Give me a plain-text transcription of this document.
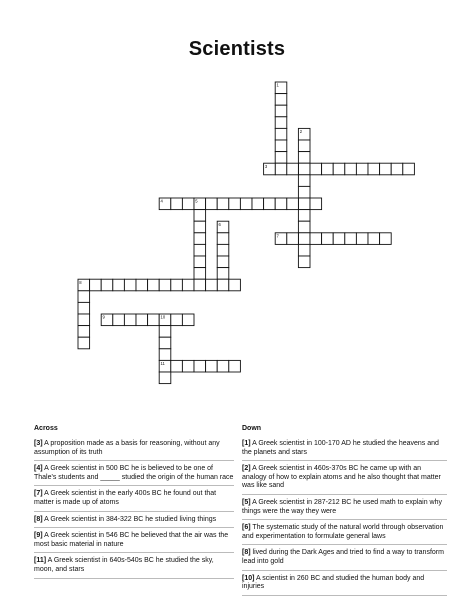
Scientists
1
2
3
4	5
6
7
8
9	10
11
Across	Down
[3] A proposition made as a basis for reasoning, without any assumption of its truth
[4] A Greek scientist in 500 BC he is believed to be one of Thale's students and _____ studied the origin of the human race
[7] A Greek scientist in the early 400s BC he found out that matter is made up of atoms
[8] A Greek scientist in 384-322 BC he studied living things
[9] A Greek scientist in 546 BC he believed that the air was the most basic material in nature
[11] A Greek scientist in 640s-540s BC he studied the sky, moon, and stars
[1] A Greek scientist in 100-170 AD he studied the heavens and the planets and stars
[2] A Greek scientist in 460s-370s BC he came up with an analogy of how to explain atoms and he also thought that matter was like sand
[5] A Greek scientist in 287-212 BC he used math to explain why things were the way they were
[6] The systematic study of the natural world through observation and experimentation to formulate general laws
[8] lived during the Dark Ages and tried to find a way to transform lead into gold
[10] A scientist in 260 BC and studied the human body and injuries
